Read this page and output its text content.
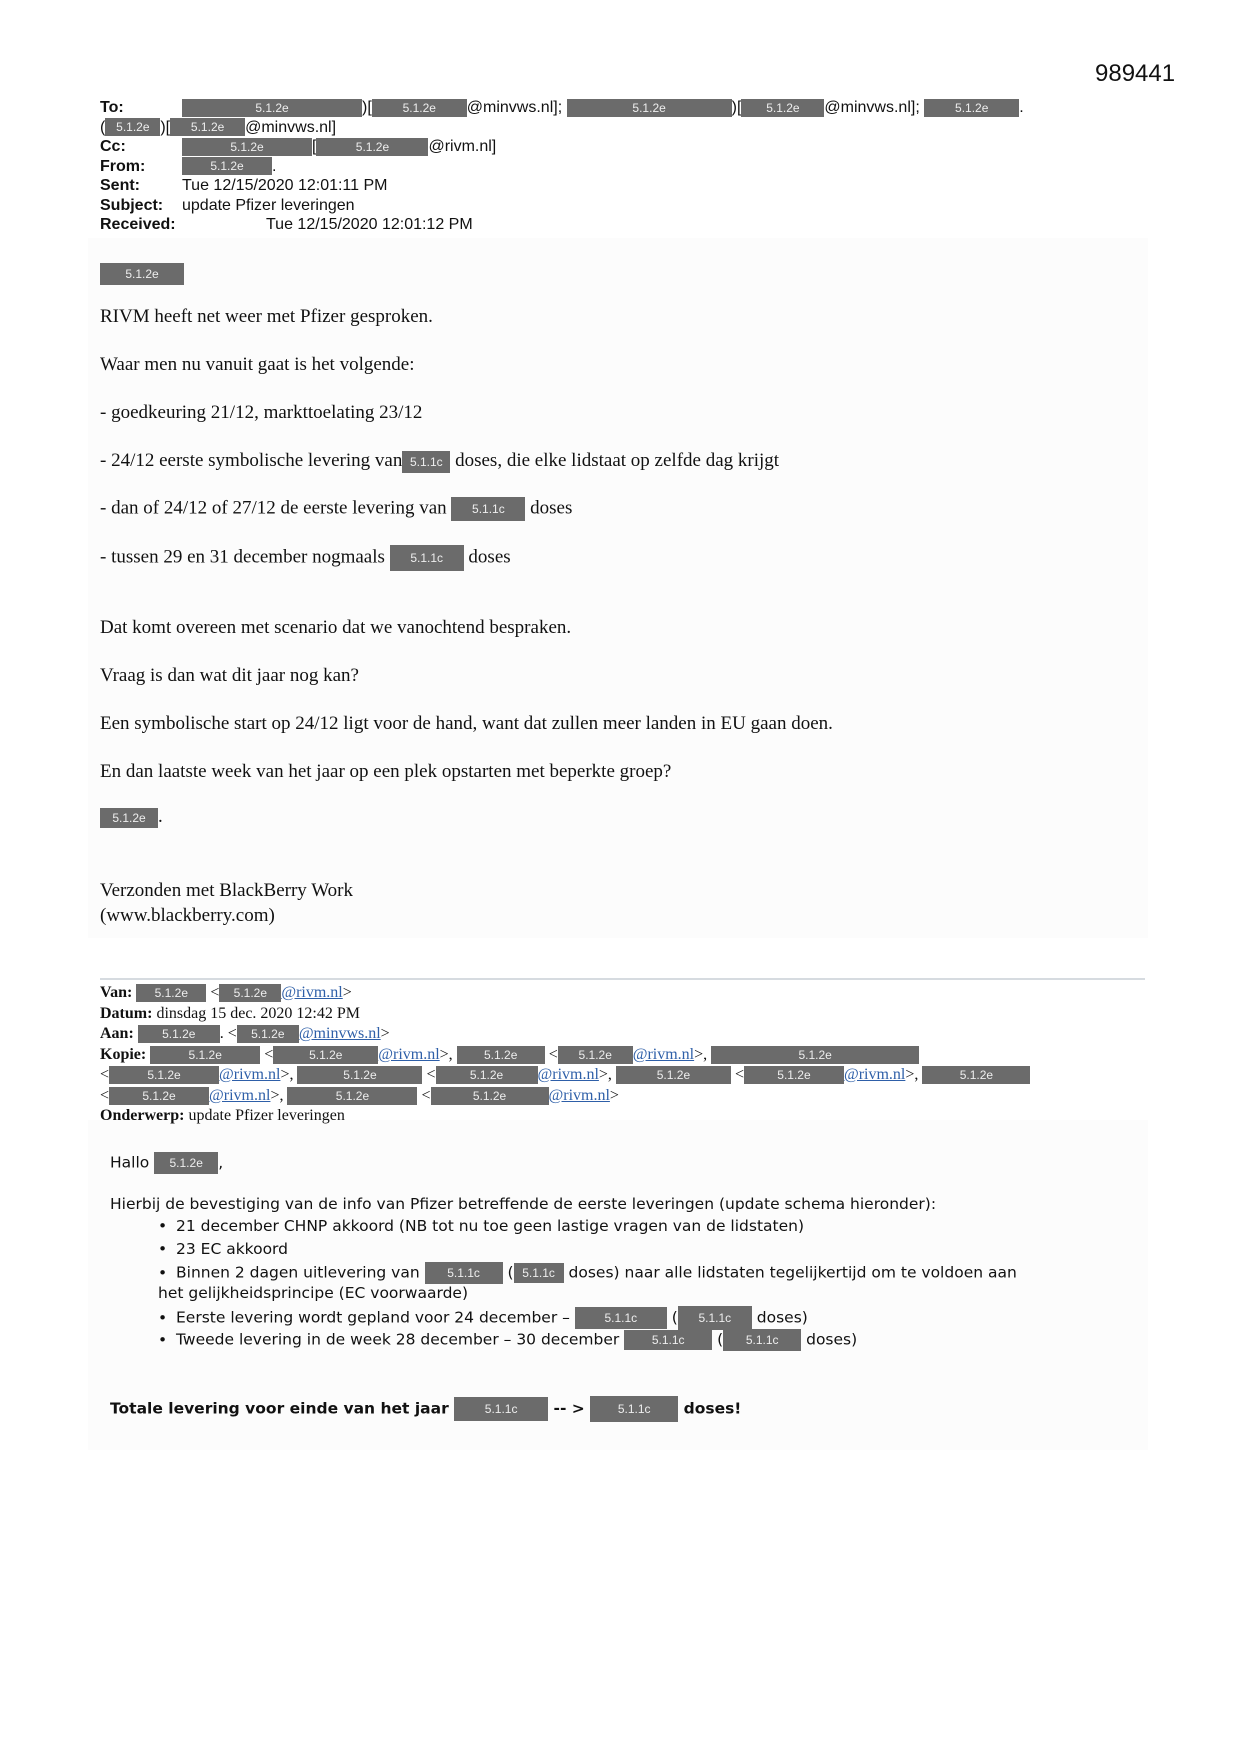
989441
To:	5.1.2e	)[	5.1.2e @minvws.nl];	5.1.2e	)[ 5.1.2e @minvws.nl];	5.1.2e .
( 5.1.2e )[ 5.1.2e @minvws.nl]
Cc:	5.1.2e	[	5.1.2e @rivm.nl]
From:	5.1.2e .
Sent:	Tue 12/15/2020 12:01:11 PM
Subject: update Pfizer leveringen
Received:	Tue 12/15/2020 12:01:12 PM
5.1.2e
RIVM heeft net weer met Pfizer gesproken.
Waar men nu vanuit gaat is het volgende:
- goedkeuring 21/12, markttoelating 23/12
- 24/12 eerste symbolische levering van 5.1.1c doses, die elke lidstaat op zelfde dag krijgt
- dan of 24/12 of 27/12 de eerste levering van 5.1.1c doses
- tussen 29 en 31 december nogmaals 5.1.1c doses
Dat komt overeen met scenario dat we vanochtend bespraken.
Vraag is dan wat dit jaar nog kan?
Een symbolische start op 24/12 ligt voor de hand, want dat zullen meer landen in EU gaan doen.
En dan laatste week van het jaar op een plek opstarten met beperkte groep?
5.1.2e .
Verzonden met BlackBerry Work
(www.blackberry.com)
Van: 5.1.2e < 5.1.2e @rivm.nl>
Datum: dinsdag 15 dec. 2020 12:42 PM
Aan: 5.1.2e . < 5.1.2e @minvws.nl>
Kopie:	5.1.2e <	5.1.2e @rivm.nl>, 5.1.2e < 5.1.2e @rivm.nl>,	5.1.2e
<	5.1.2e @rivm.nl>,	5.1.2e	<	5.1.2e @rivm.nl>,	5.1.2e	<	5.1.2e @rivm.nl>,	5.1.2e
<	5.1.2e @rivm.nl>,	5.1.2e	<	5.1.2e	@rivm.nl>
Onderwerp: update Pfizer leveringen
Hallo 5.1.2e ,
Hierbij de bevestiging van de info van Pfizer betreffende de eerste leveringen (update schema hieronder):
• 21 december CHNP akkoord (NB tot nu toe geen lastige vragen van de lidstaten)
• 23 EC akkoord
• Binnen 2 dagen uitlevering van 5.1.1c ( 5.1.1c doses) naar alle lidstaten tegelijkertijd om te voldoen aan
het gelijkheidsprincipe (EC voorwaarde)
• Eerste levering wordt gepland voor 24 december –	5.1.1c ( 5.1.1c doses)
• Tweede levering in de week 28 december – 30 december	5.1.1c ( 5.1.1c doses)
Totale levering voor einde van het jaar	5.1.1c -- >	5.1.1c doses!
